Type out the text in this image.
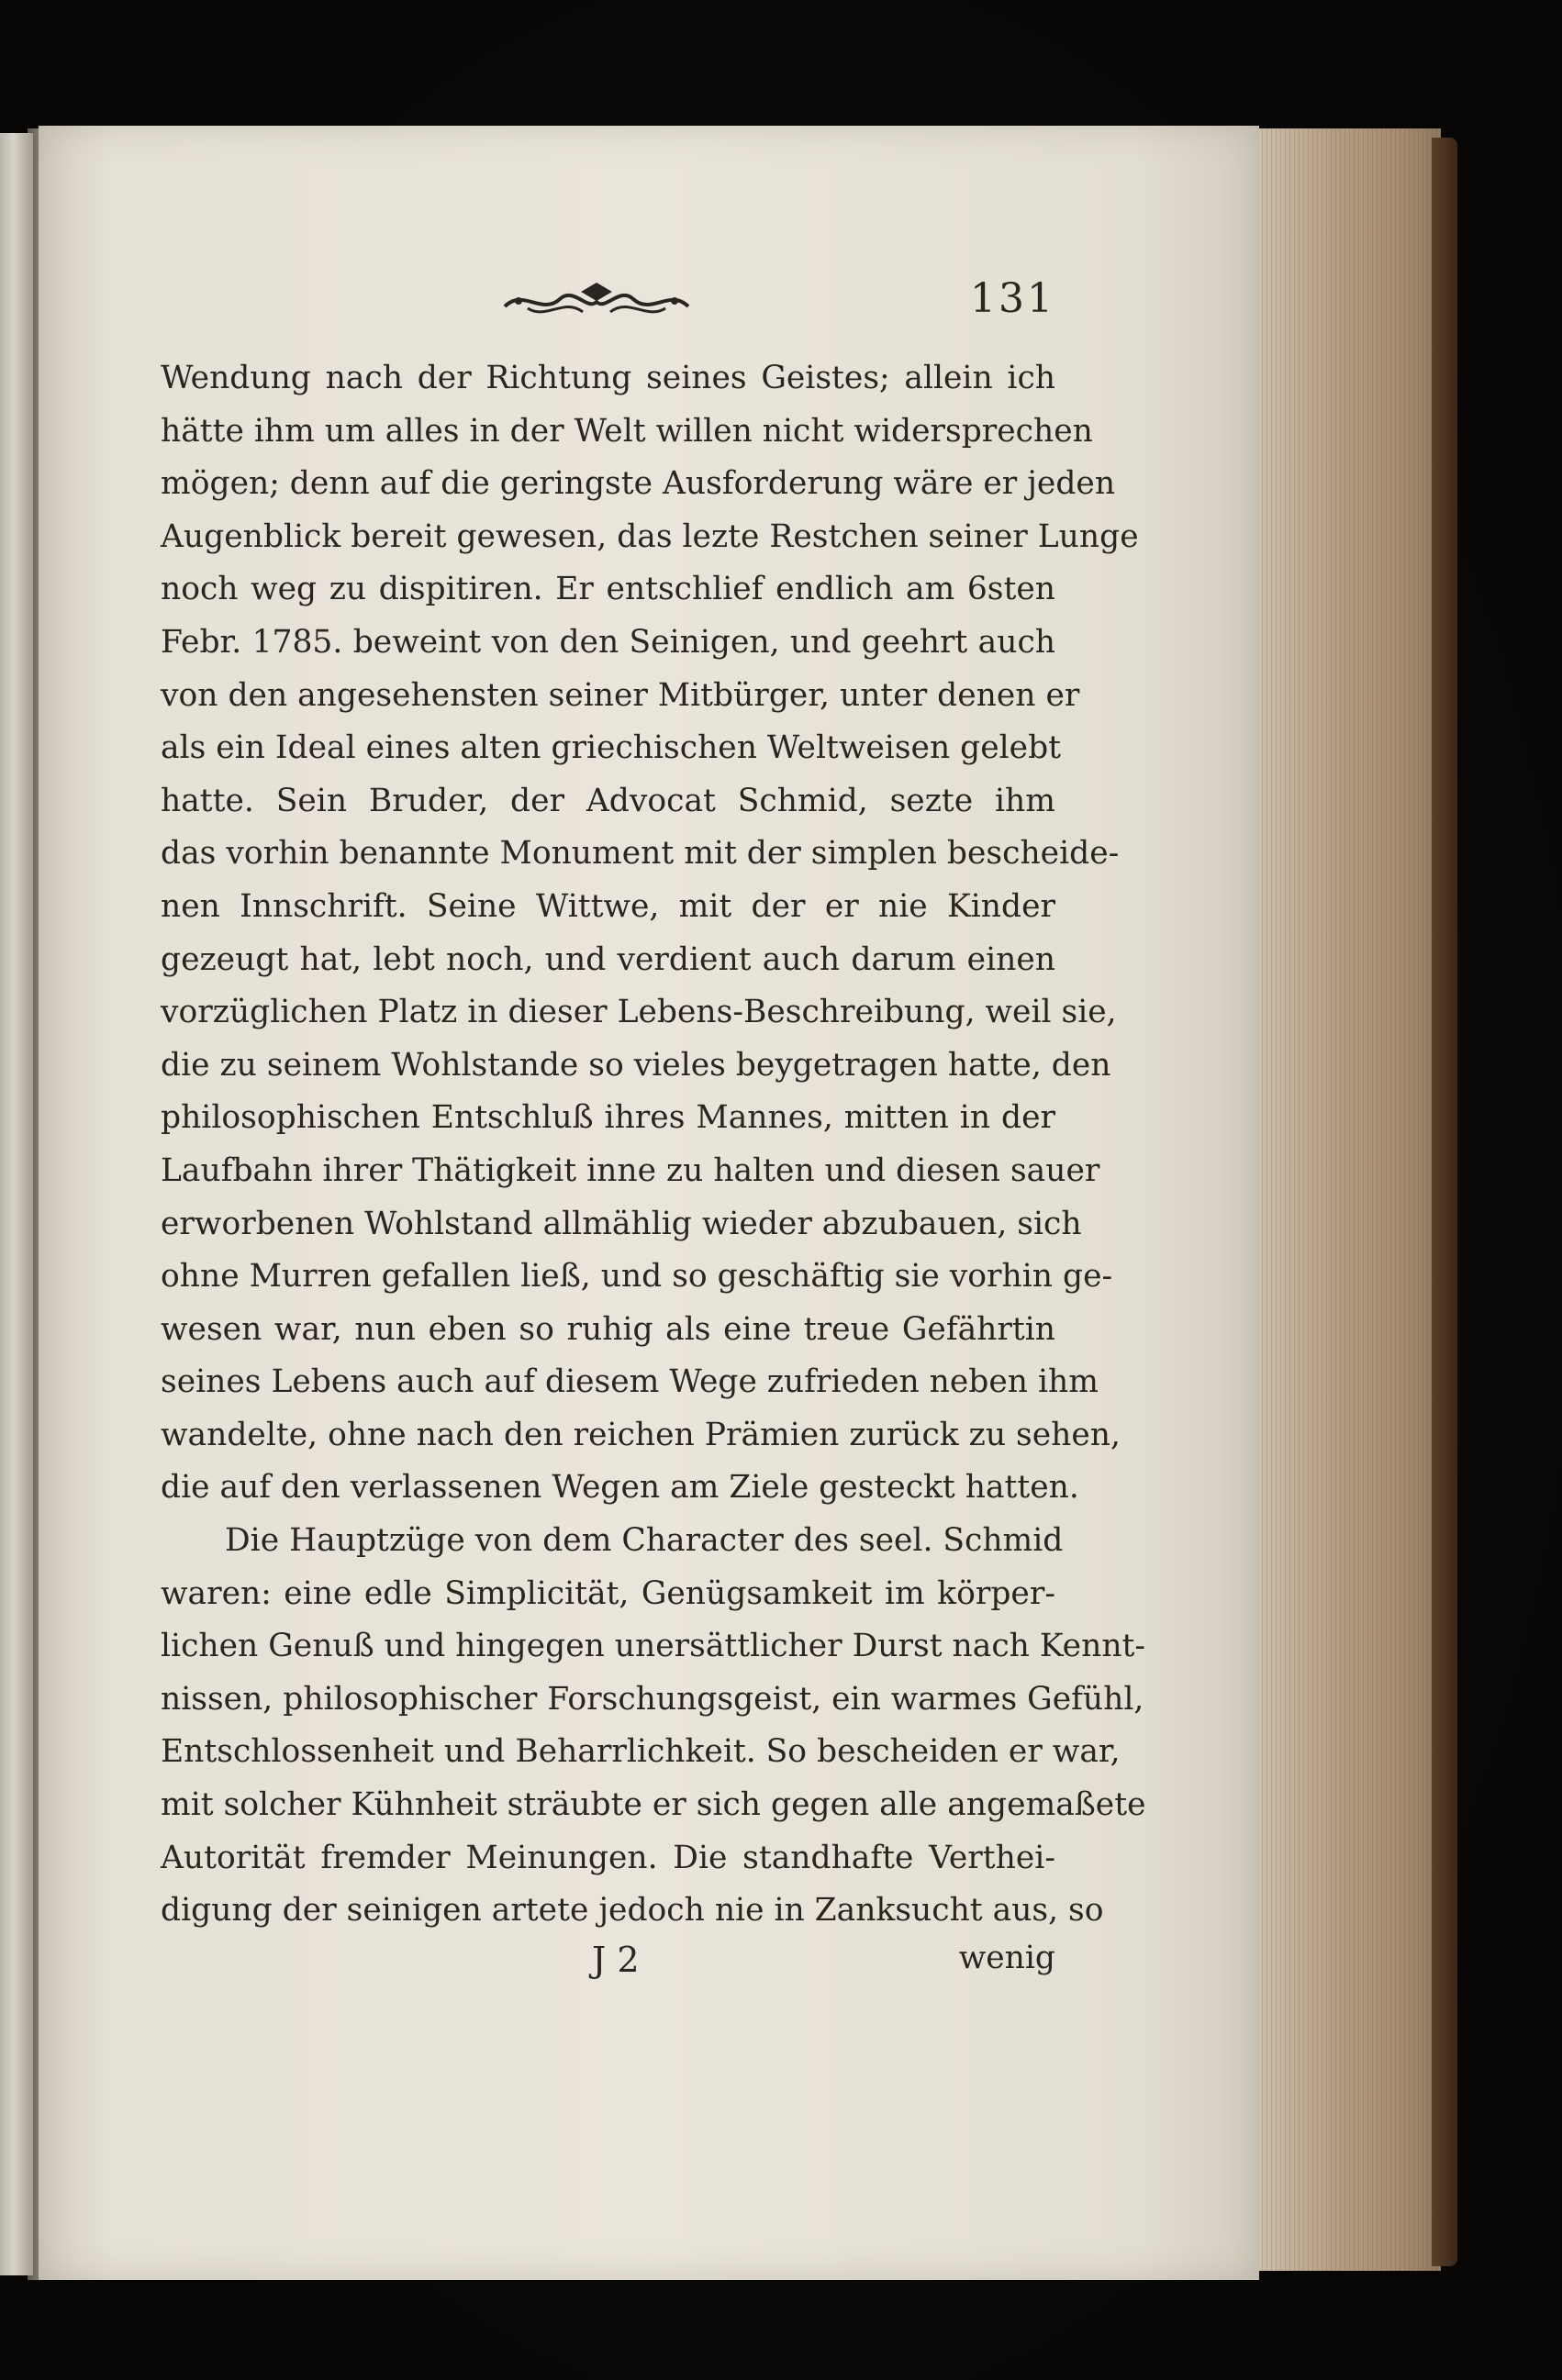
131
Wendung nach der Richtung seines Geistes; allein ich
hätte ihm um alles in der Welt willen nicht widersprechen
mögen; denn auf die geringste Ausforderung wäre er jeden
Augenblick bereit gewesen, das lezte Restchen seiner Lunge
noch weg zu dispitiren. Er entschlief endlich am 6sten
Febr. 1785. beweint von den Seinigen, und geehrt auch
von den angesehensten seiner Mitbürger, unter denen er
als ein Ideal eines alten griechischen Weltweisen gelebt
hatte. Sein Bruder, der Advocat Schmid, sezte ihm
das vorhin benannte Monument mit der simplen bescheide-
nen Innschrift. Seine Wittwe, mit der er nie Kinder
gezeugt hat, lebt noch, und verdient auch darum einen
vorzüglichen Platz in dieser Lebens-Beschreibung, weil sie,
die zu seinem Wohlstande so vieles beygetragen hatte, den
philosophischen Entschluß ihres Mannes, mitten in der
Laufbahn ihrer Thätigkeit inne zu halten und diesen sauer
erworbenen Wohlstand allmählig wieder abzubauen, sich
ohne Murren gefallen ließ, und so geschäftig sie vorhin ge-
wesen war, nun eben so ruhig als eine treue Gefährtin
seines Lebens auch auf diesem Wege zufrieden neben ihm
wandelte, ohne nach den reichen Prämien zurück zu sehen,
die auf den verlassenen Wegen am Ziele gesteckt hatten.
Die Hauptzüge von dem Character des seel. Schmid
waren: eine edle Simplicität, Genügsamkeit im körper-
lichen Genuß und hingegen unersättlicher Durst nach Kennt-
nissen, philosophischer Forschungsgeist, ein warmes Gefühl,
Entschlossenheit und Beharrlichkeit. So bescheiden er war,
mit solcher Kühnheit sträubte er sich gegen alle angemaßete
Autorität fremder Meinungen. Die standhafte Verthei-
digung der seinigen artete jedoch nie in Zanksucht aus, so
J 2	wenig
